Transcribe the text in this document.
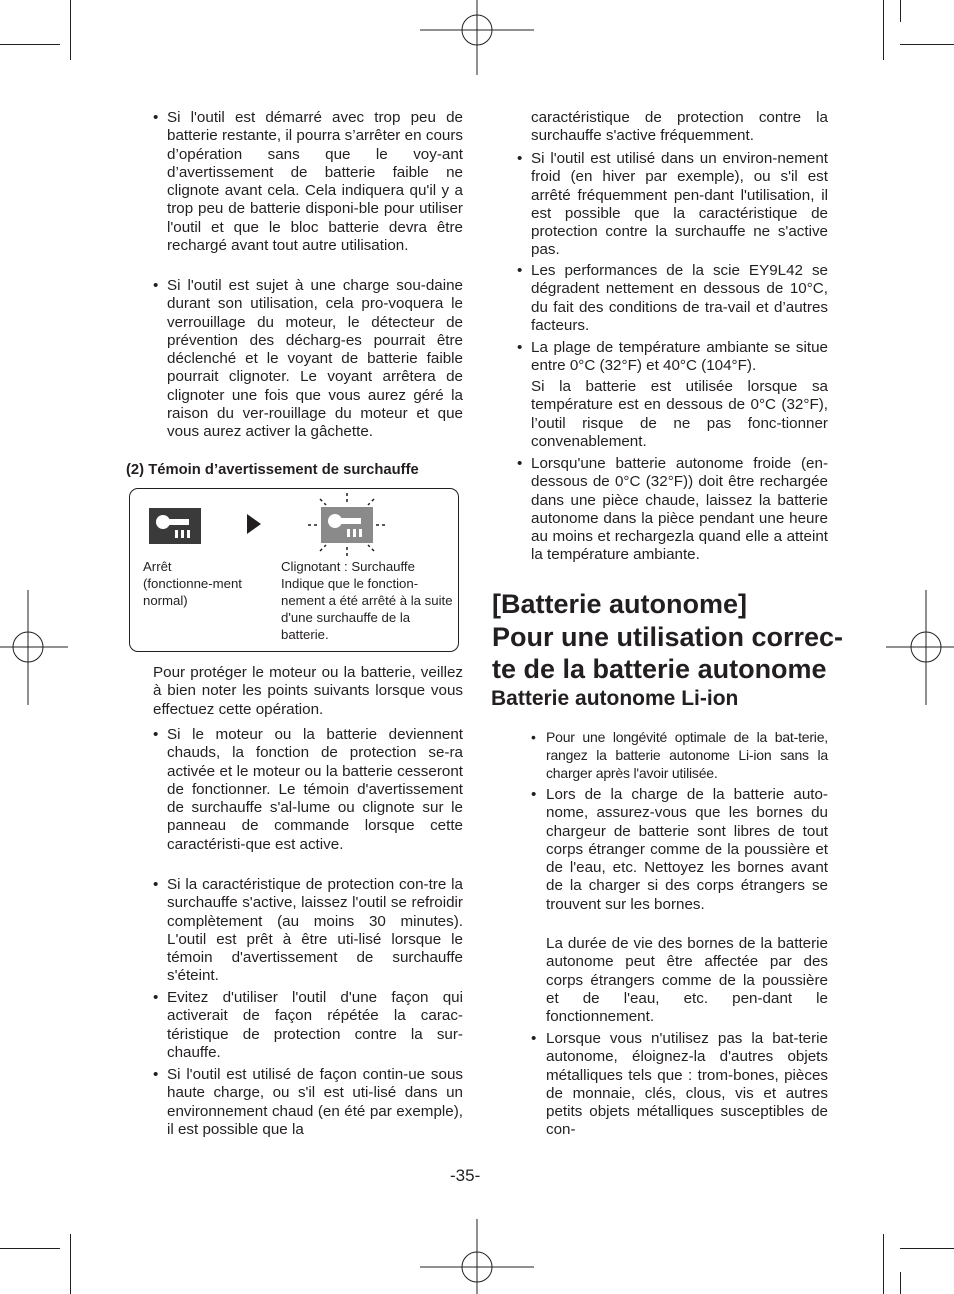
• Si l'outil est démarré avec trop peu de batterie restante, il pourra s’arrêter en cours d’opération sans que le voy-ant d’avertissement de batterie faible ne clignote avant cela. Cela indiquera qu'il y a trop peu de batterie disponi-ble pour utiliser l'outil et que le bloc batterie devra être rechargé avant tout autre utilisation.
• Si l'outil est sujet à une charge sou-daine durant son utilisation, cela pro-voquera le verrouillage du moteur, le détecteur de prévention des décharg-es pourrait être déclenché et le voyant de batterie faible pourrait clignoter. Le voyant arrêtera de clignoter une fois que vous aurez géré la raison du ver-rouillage du moteur et que vous aurez activer la gâchette.
(2) Témoin d’avertissement de surchauffe
Arrêt (fonctionne-ment normal)
Clignotant : Surchauffe Indique que le fonction-nement a été arrêté à la suite d'une surchauffe de la batterie.
Pour protéger le moteur ou la batterie, veillez à bien noter les points suivants lorsque vous effectuez cette opération.
• Si le moteur ou la batterie deviennent chauds, la fonction de protection se-ra activée et le moteur ou la batterie cesseront de fonctionner. Le témoin d'avertissement de surchauffe s'al-lume ou clignote sur le panneau de commande lorsque cette caractéristi-que est active.
• Si la caractéristique de protection con-tre la surchauffe s'active, laissez l'outil se refroidir complètement (au moins 30 minutes). L'outil est prêt à être uti-lisé lorsque le témoin d'avertissement de surchauffe s'éteint.
• Evitez d'utiliser l'outil d'une façon qui activerait de façon répétée la carac-téristique de protection contre la sur-chauffe.
• Si l'outil est utilisé de façon contin-ue sous haute charge, ou s'il est uti-lisé dans un environnement chaud (en été par exemple), il est possible que la
caractéristique de protection contre la surchauffe s'active fréquemment.
• Si l'outil est utilisé dans un environ-nement froid (en hiver par exemple), ou s'il est arrêté fréquemment pen-dant l'utilisation, il est possible que la caractéristique de protection contre la surchauffe ne s'active pas.
• Les performances de la scie EY9L42 se dégradent nettement en dessous de 10°C, du fait des conditions de tra-vail et d’autres facteurs.
• La plage de température ambiante se situe entre 0°C (32°F) et 40°C (104°F).
Si la batterie est utilisée lorsque sa température est en dessous de 0°C (32°F), l’outil risque de ne pas fonc-tionner convenablement.
• Lorsqu'une batterie autonome froide (en-dessous de 0°C (32°F)) doit être rechargée dans une pièce chaude, laissez la batterie autonome dans la pièce pendant une heure au moins et rechargezla quand elle a atteint la température ambiante.
[Batterie autonome]
Pour une utilisation correc-
te de la batterie autonome
Batterie autonome Li-ion
• Pour une longévité optimale de la bat-terie, rangez la batterie autonome Li-ion sans la charger après l'avoir utilisée.
• Lors de la charge de la batterie auto-nome, assurez-vous que les bornes du chargeur de batterie sont libres de tout corps étranger comme de la poussière et de l'eau, etc. Nettoyez les bornes avant de la charger si des corps étrangers se trouvent sur les bornes.
La durée de vie des bornes de la batterie autonome peut être affectée par des corps étrangers comme de la poussière et de l'eau, etc. pen-dant le fonctionnement.
• Lorsque vous n'utilisez pas la bat-terie autonome, éloignez-la d'autres objets métalliques tels que : trom-bones, pièces de monnaie, clés, clous, vis et autres petits objets métalliques susceptibles de con-
-35-
